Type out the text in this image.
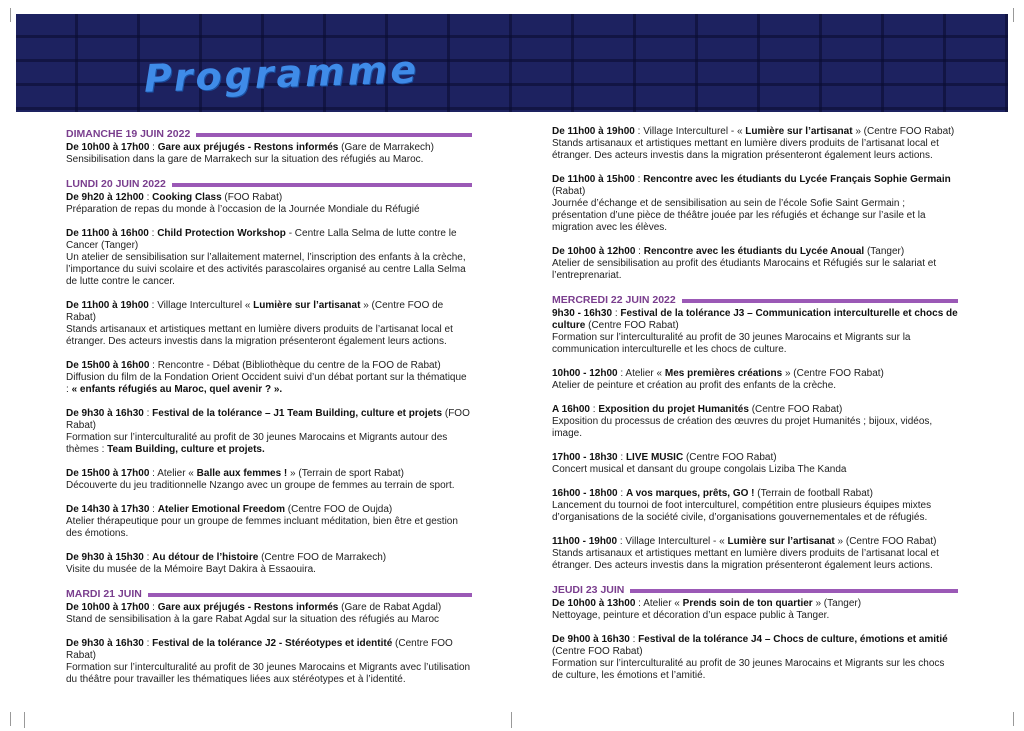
Programme
DIMANCHE 19 JUIN 2022

De 10h00 à 17h00 : Gare aux préjugés - Restons informés (Gare de Marrakech)

Sensibilisation dans la gare de Marrakech sur la situation des réfugiés au Maroc.

LUNDI 20 JUIN 2022

De 9h20 à 12h00 : Cooking Class (FOO Rabat)

Préparation de repas du monde à l’occasion de la Journée Mondiale du Réfugié

De 11h00 à 16h00 : Child Protection Workshop - Centre Lalla Selma de lutte contre le Cancer (Tanger)

Un atelier de sensibilisation sur l’allaitement maternel, l’inscription des enfants à la crèche, l’importance du suivi scolaire et des activités parascolaires organisé au centre Lalla Selma de lutte contre le cancer.

De 11h00 à 19h00 : Village Interculturel « Lumière sur l’artisanat » (Centre FOO de Rabat)

Stands artisanaux et artistiques mettant en lumière divers produits de l’artisanat local et étranger. Des acteurs investis dans la migration présenteront également leurs actions.

De 15h00 à 16h00 : Rencontre - Débat (Bibliothèque du centre de la FOO de Rabat)

Diffusion du film de la Fondation Orient Occident suivi d’un débat portant sur la thématique : « enfants réfugiés au Maroc, quel avenir ? ».

De 9h30 à 16h30 : Festival de la tolérance – J1 Team Building, culture et projets (FOO Rabat)

Formation sur l’interculturalité au profit de 30 jeunes Marocains et Migrants autour des thèmes : Team Building, culture et projets.

De 15h00 à 17h00 : Atelier « Balle aux femmes ! » (Terrain de sport Rabat)

Découverte du jeu traditionnelle Nzango avec un groupe de femmes au terrain de sport.

De 14h30 à 17h30 : Atelier Emotional Freedom (Centre FOO de Oujda)

Atelier thérapeutique pour un groupe de femmes incluant méditation, bien être et gestion des émotions.

De 9h30 à 15h30 : Au détour de l’histoire (Centre FOO de Marrakech)

Visite du musée de la Mémoire Bayt Dakira à Essaouira.

MARDI 21 JUIN

De 10h00 à 17h00 : Gare aux préjugés - Restons informés (Gare de Rabat Agdal)

Stand de sensibilisation à la gare Rabat Agdal sur la situation des réfugiés au Maroc

De 9h30 à 16h30 : Festival de la tolérance J2 - Stéréotypes et identité (Centre FOO Rabat)

Formation sur l’interculturalité au profit de 30 jeunes Marocains et Migrants avec l’utilisation du théâtre pour travailler les thématiques liées aux stéréotypes et à l’identité.

De 11h00 à 19h00 : Village Interculturel - « Lumière sur l’artisanat » (Centre FOO Rabat)

Stands artisanaux et artistiques mettant en lumière divers produits de l’artisanat local et étranger. Des acteurs investis dans la migration présenteront également leurs actions.

De 11h00 à 15h00 : Rencontre avec les étudiants du Lycée Français Sophie Germain (Rabat)

Journée d’échange et de sensibilisation au sein de l’école Sofie Saint Germain ; présentation d’une pièce de théâtre jouée par les réfugiés et échange sur l’asile et la migration avec les élèves.

De 10h00 à 12h00 : Rencontre avec les étudiants du Lycée Anoual (Tanger)

Atelier de sensibilisation au profit des étudiants Marocains et Réfugiés sur le salariat et l’entreprenariat.

MERCREDI 22 JUIN 2022

9h30 - 16h30 : Festival de la tolérance J3 – Communication interculturelle et chocs de culture (Centre FOO Rabat)

Formation sur l’interculturalité au profit de 30 jeunes Marocains et Migrants sur la communication interculturelle et les chocs de culture.

10h00 - 12h00 : Atelier « Mes premières créations » (Centre FOO Rabat)

Atelier de peinture et création au profit des enfants de la crèche.

A 16h00 : Exposition du projet Humanités (Centre FOO Rabat)

Exposition du processus de création des œuvres du projet Humanités ; bijoux, vidéos, image.

17h00 - 18h30 : LIVE MUSIC (Centre FOO Rabat)

Concert musical et dansant du groupe congolais Liziba The Kanda

16h00 - 18h00 : A vos marques, prêts, GO ! (Terrain de football Rabat)

Lancement du tournoi de foot interculturel, compétition entre plusieurs équipes mixtes d’organisations de la société civile, d’organisations gouvernementales et de réfugiés.

11h00 - 19h00 : Village Interculturel - « Lumière sur l’artisanat » (Centre FOO Rabat)

Stands artisanaux et artistiques mettant en lumière divers produits de l’artisanat local et étranger. Des acteurs investis dans la migration présenteront également leurs actions.

JEUDI 23 JUIN

De 10h00 à 13h00 : Atelier « Prends soin de ton quartier » (Tanger)

Nettoyage, peinture et décoration d’un espace public à Tanger.

De 9h00 à 16h30 : Festival de la tolérance J4 – Chocs de culture, émotions et amitié (Centre FOO Rabat)

Formation sur l’interculturalité au profit de 30 jeunes Marocains et Migrants sur les chocs de culture, les émotions et l’amitié.
